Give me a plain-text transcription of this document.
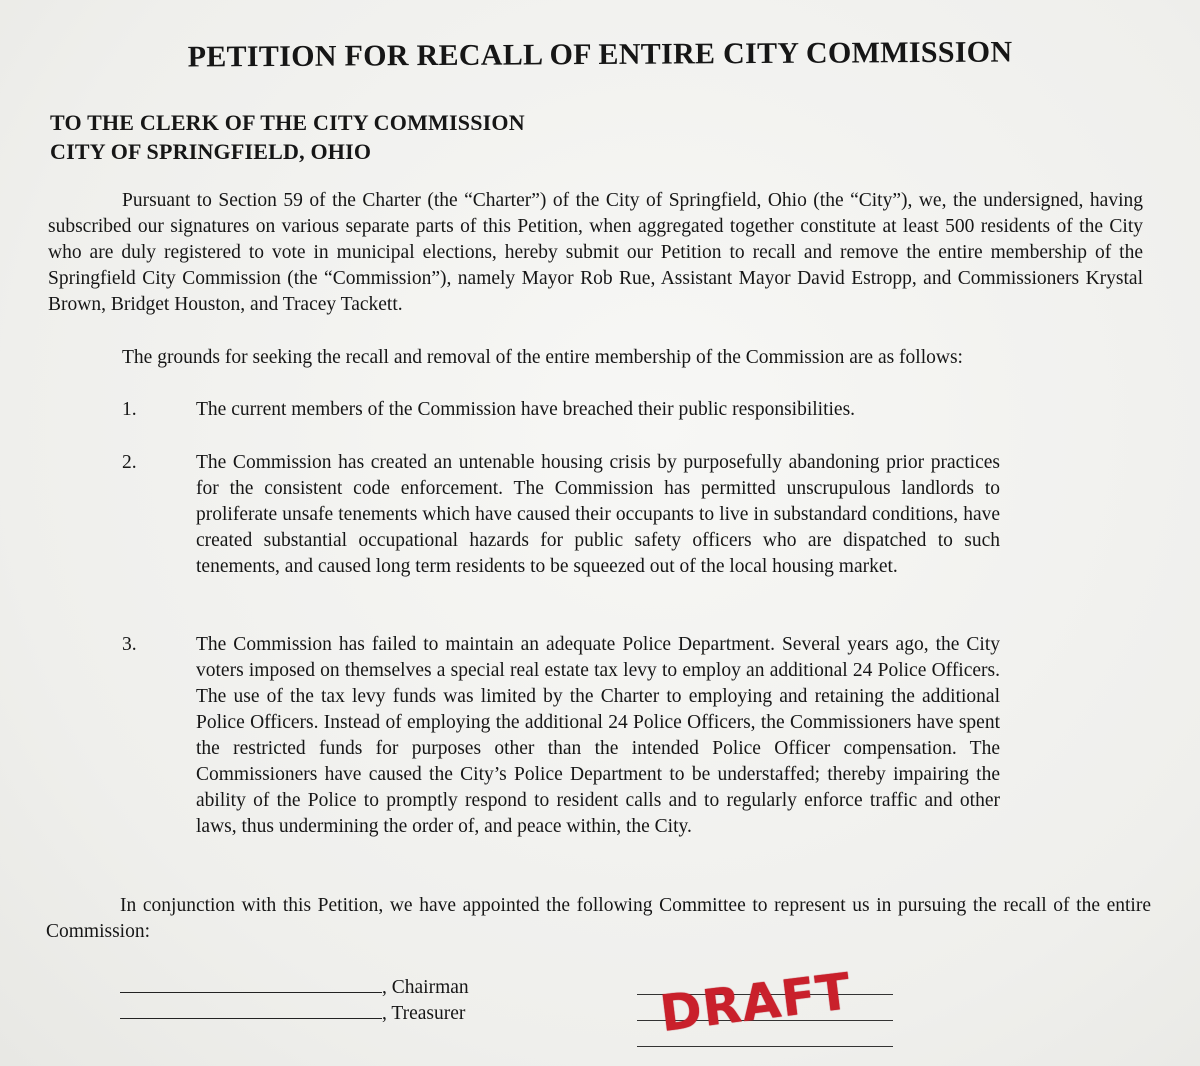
PETITION FOR RECALL OF ENTIRE CITY COMMISSION
TO THE CLERK OF THE CITY COMMISSION
CITY OF SPRINGFIELD, OHIO

Pursuant to Section 59 of the Charter (the “Charter”) of the City of Springfield, Ohio (the “City”), we, the undersigned, having subscribed our signatures on various separate parts of this Petition, when aggregated together constitute at least 500 residents of the City who are duly registered to vote in municipal elections, hereby submit our Petition to recall and remove the entire membership of the Springfield City Commission (the “Commission”), namely Mayor Rob Rue, Assistant Mayor David Estropp, and Commissioners Krystal Brown, Bridget Houston, and Tracey Tackett.

The grounds for seeking the recall and removal of the entire membership of the Commission are as follows:

1.	The current members of the Commission have breached their public responsibilities.
2.	The Commission has created an untenable housing crisis by purposefully abandoning prior practices for the consistent code enforcement. The Commission has permitted unscrupulous landlords to proliferate unsafe tenements which have caused their occupants to live in substandard conditions, have created substantial occupational hazards for public safety officers who are dispatched to such tenements, and caused long term residents to be squeezed out of the local housing market.
3.	The Commission has failed to maintain an adequate Police Department. Several years ago, the City voters imposed on themselves a special real estate tax levy to employ an additional 24 Police Officers. The use of the tax levy funds was limited by the Charter to employing and retaining the additional Police Officers. Instead of employing the additional 24 Police Officers, the Commissioners have spent the restricted funds for purposes other than the intended Police Officer compensation. The Commissioners have caused the City’s Police Department to be understaffed; thereby impairing the ability of the Police to promptly respond to resident calls and to regularly enforce traffic and other laws, thus undermining the order of, and peace within, the City.

In conjunction with this Petition, we have appointed the following Committee to represent us in pursuing the recall of the entire Commission:

, Chairman
, Treasurer	DRAFT
